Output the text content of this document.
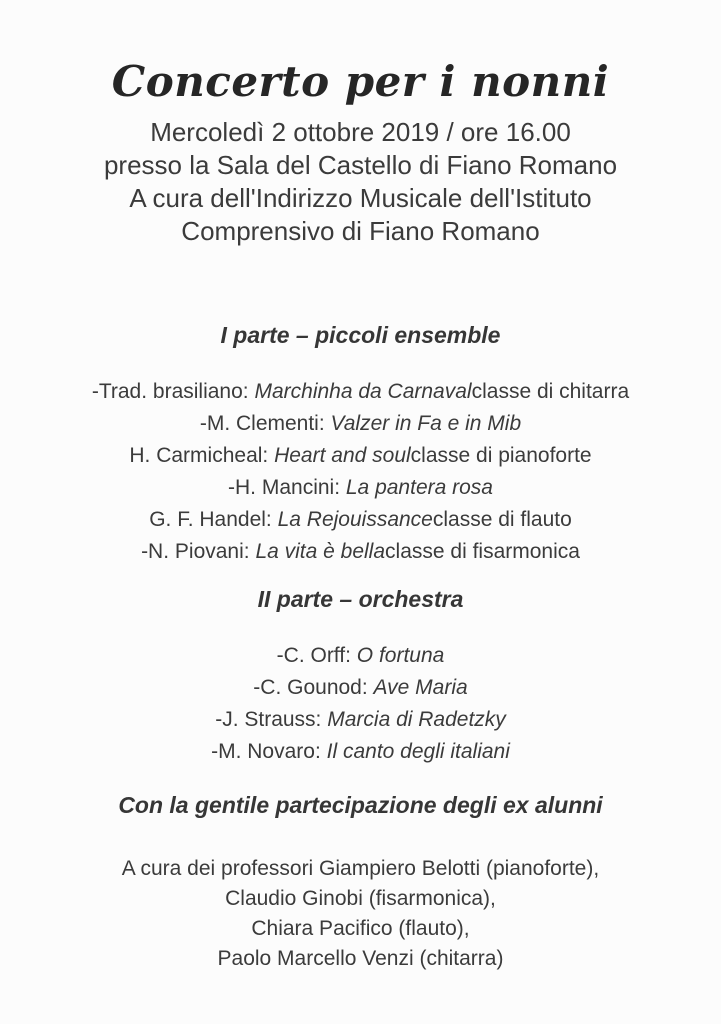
Concerto per i nonni
Mercoledì 2 ottobre 2019 / ore 16.00
presso la Sala del Castello di Fiano Romano
A cura dell'Indirizzo Musicale dell'Istituto
Comprensivo di Fiano Romano
I parte – piccoli ensemble
-Trad. brasiliano: Marchinha da Carnavalclasse di chitarra
-M. Clementi: Valzer in Fa e in Mib
H. Carmicheal: Heart and soulclasse di pianoforte
-H. Mancini: La pantera rosa
G. F. Handel: La Rejouissanceclasse di flauto
-N. Piovani: La vita è bellaclasse di fisarmonica
II parte – orchestra
-C. Orff: O fortuna
-C. Gounod: Ave Maria
-J. Strauss: Marcia di Radetzky
-M. Novaro: Il canto degli italiani
Con la gentile partecipazione degli ex alunni
A cura dei professori Giampiero Belotti (pianoforte),
Claudio Ginobi (fisarmonica),
Chiara Pacifico (flauto),
Paolo Marcello Venzi (chitarra)
